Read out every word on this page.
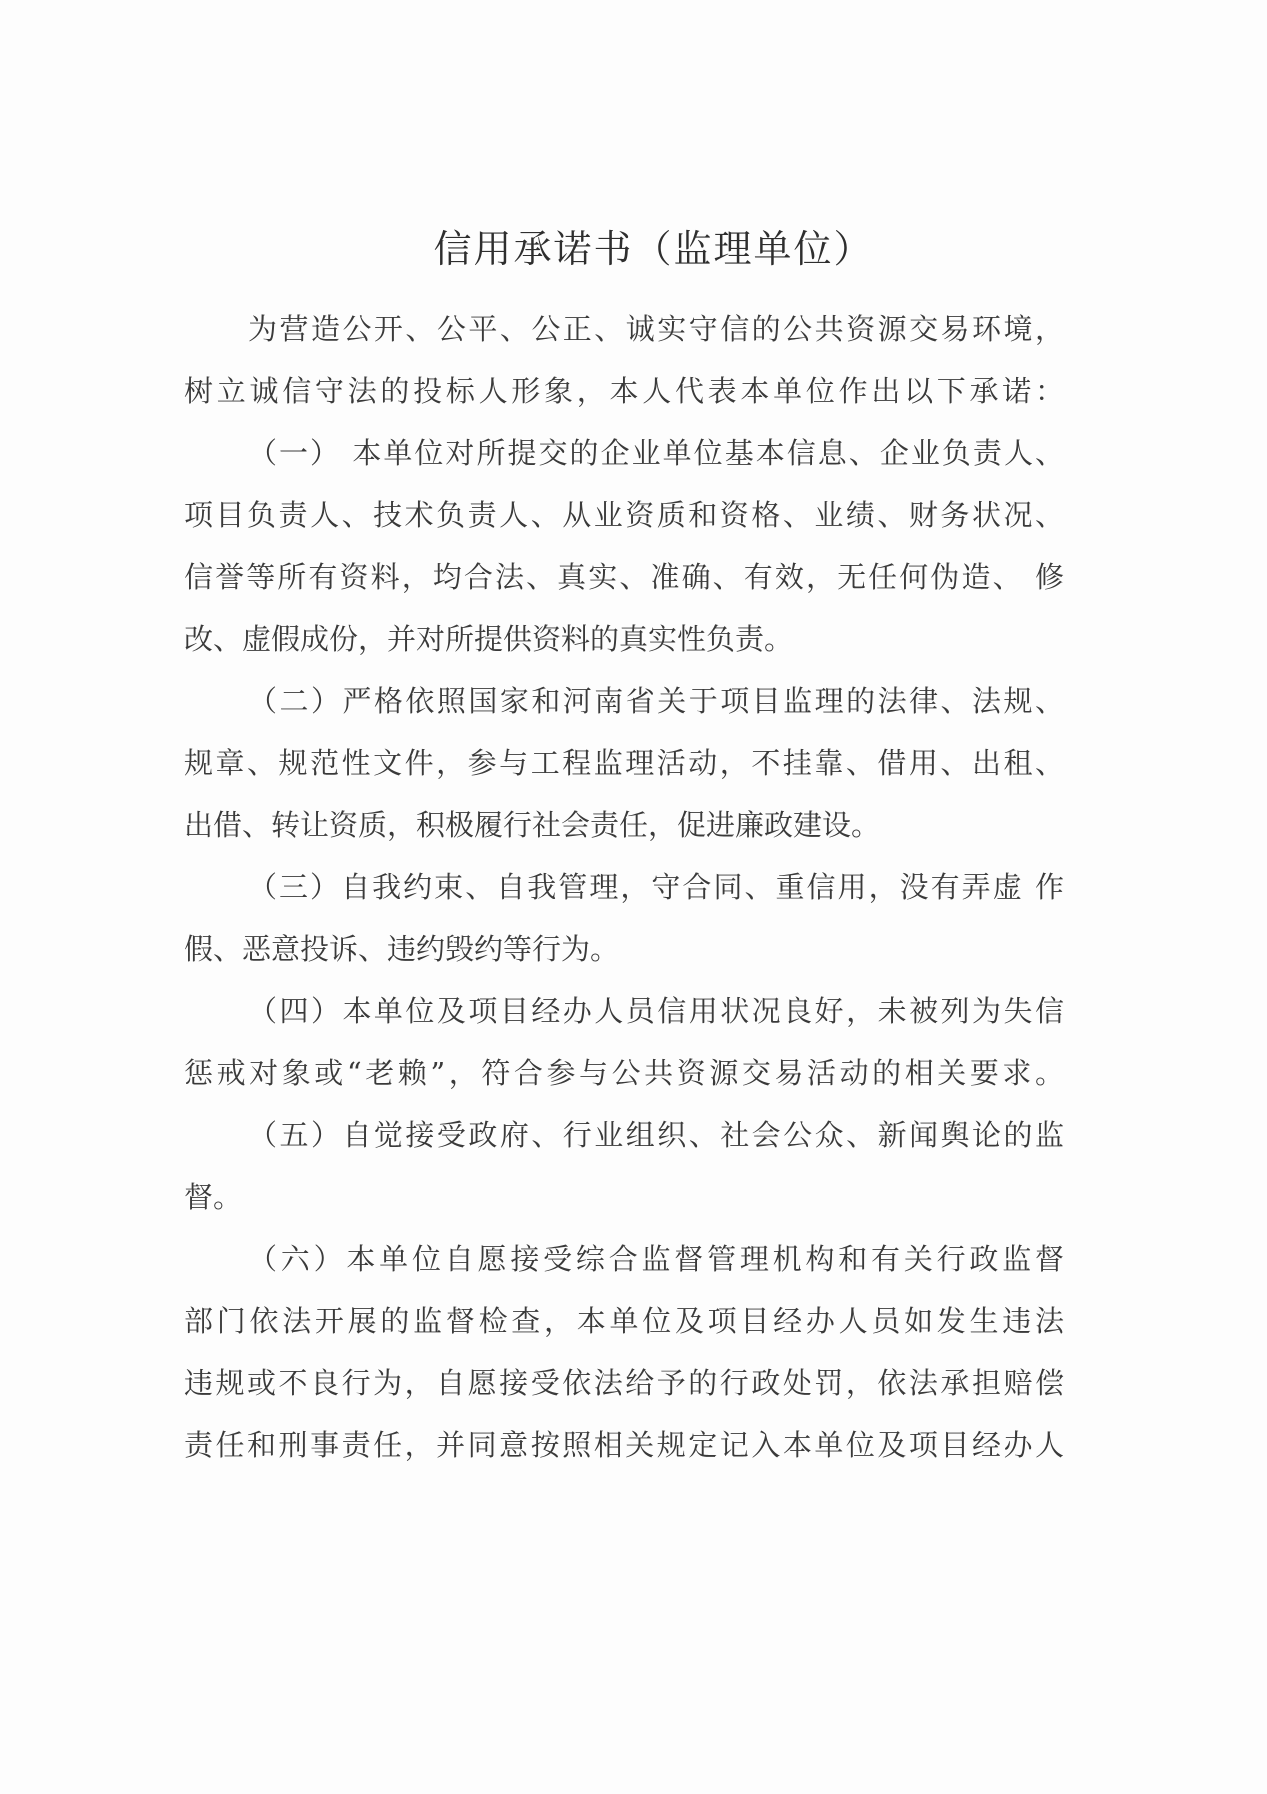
信用承诺书（监理单位）
为营造公开、公平、公正、诚实守信的公共资源交易环境，
树立诚信守法的投标人形象，本人代表本单位作出以下承诺：
（一） 本单位对所提交的企业单位基本信息、企业负责人、
项目负责人、技术负责人、从业资质和资格、业绩、财务状况、
信誉等所有资料，均合法、真实、准确、有效，无任何伪造、 修
改、虚假成份，并对所提供资料的真实性负责。
（二）严格依照国家和河南省关于项目监理的法律、法规、
规章、规范性文件，参与工程监理活动，不挂靠、借用、出租、
出借、转让资质，积极履行社会责任，促进廉政建设。
（三）自我约束、自我管理，守合同、重信用，没有弄虚 作
假、恶意投诉、违约毁约等行为。
（四）本单位及项目经办人员信用状况良好，未被列为失信
惩戒对象或“老赖”，符合参与公共资源交易活动的相关要求。
（五）自觉接受政府、行业组织、社会公众、新闻舆论的监
督。
（六）本单位自愿接受综合监督管理机构和有关行政监督
部门依法开展的监督检查，本单位及项目经办人员如发生违法
违规或不良行为，自愿接受依法给予的行政处罚，依法承担赔偿
责任和刑事责任，并同意按照相关规定记入本单位及项目经办人
